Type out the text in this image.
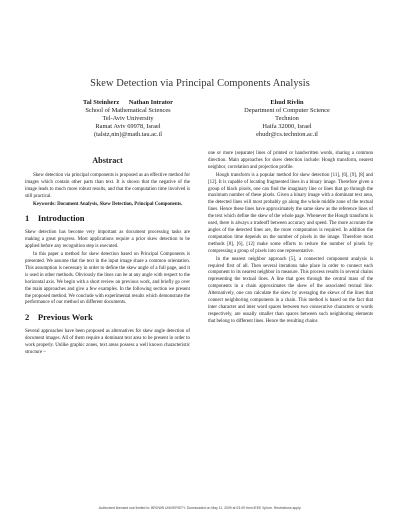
Skew Detection via Principal Components Analysis
Tal Steinherz      Nathan Intrator
School of Mathematical Sciences
Tel-Aviv University
Ramat Aviv 69978, Israel
(talstz,nin)@math.tau.ac.il
Ehud Rivlin
Department of Computer Science
Technion
Haifa 32000, Israel
ehudr@cs.technion.ac.il
Abstract

Skew detection via principal components is proposed as an effective method for images which contain other parts than text. It is shown that the negative of the image leads to much more robust results, and that the computation time involved is still practical.

Keywords: Document Analysis, Skew Detection, Principal Components.

1    Introduction

Skew detection has become very important as document processing tasks are making a great progress. Most applications require a prior skew detection to be applied before any recognition step is executed.

In this paper a method for skew detection based on Principal Components is presented. We assume that the text in the input image share a common orientation. This assumption is necessary in order to define the skew angle of a full page, and it is used in other methods. Obviously the lines can be at any angle with respect to the horizontal axis. We begin with a short review on previous work, and briefly go over the main approaches and give a few examples. In the following section we present the proposed method. We conclude with experimental results which demonstrate the performance of our method on different documents.

2    Previous Work

Several approaches have been proposed as alternatives for skew angle detection of document images. All of them require a dominant text area to be present in order to work properly. Unlike graphic zones, text areas possess a well known characteristic structure –

one or more (separate) lines of printed or handwritten words, sharing a common direction. Main approaches for skew detection include: Hough transform, nearest neighbor, correlation and projection profile.

Hough transform is a popular method for skew detection [11], [6], [9], [8] and [12]. It is capable of locating fragmented lines in a binary image. Therefore given a group of black pixels, one can find the imaginary line or lines that go through the maximum number of these pixels. Given a binary image with a dominant text area, the detected lines will most probably go along the whole middle zone of the textual lines. Hence these lines have approximately the same skew as the reference lines of the text which define the skew of the whole page. Whenever the Hough transform is used, there is always a tradeoff between accuracy and speed. The more accurate the angles of the detected lines are, the more computation is required. In addition the computation time depends on the number of pixels in the image. Therefore most methods [8], [6], [12] make some efforts to reduce the number of pixels by compressing a group of pixels into one representative.

In the nearest neighbor approach [5], a connected component analysis is required first of all. Then several iterations take place in order to connect each component to its nearest neighbor in measure. This process results in several chains representing the textual lines. A line that goes through the central mass of the components in a chain approximates the skew of the associated textual line. Alternatively, one can calculate the skew by averaging the skews of the lines that connect neighboring components in a chain. This method is based on the fact that inter character and inter word spaces between two consecutive characters or words respectively, are usually smaller than spaces between such neighboring elements that belong to different lines. Hence the resulting chains

Authorized licensed use limited to: BROWN UNIVERSITY. Downloaded on May 11, 2009 at 03:49 from IEEE Xplore. Restrictions apply.
